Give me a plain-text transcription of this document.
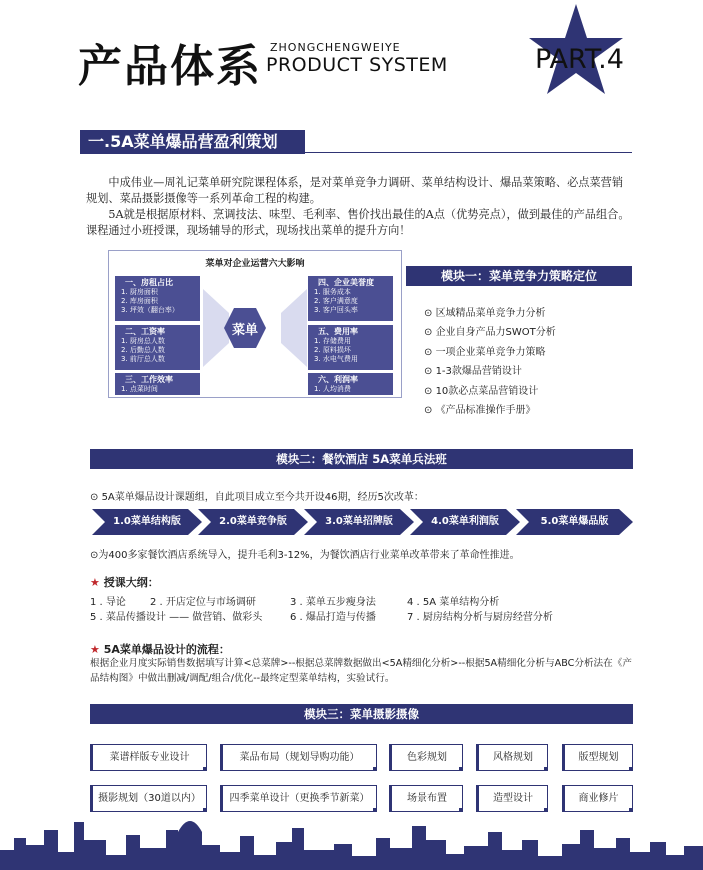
产品体系 ZHONGCHENGWEIYE
PRODUCT SYSTEM	PART.4
一.5A菜单爆品营盈利策划

中成伟业—周礼记菜单研究院课程体系，是对菜单竞争力调研、菜单结构设计、爆品菜策略、必点菜营销规划、菜品摄影摄像等一系列革命工程的构建。

5A就是根据原材料、烹调技法、味型、毛利率、售价找出最佳的A点（优势亮点），做到最佳的产品组合。课程通过小班授课，现场辅导的形式，现场找出菜单的提升方向！

菜单对企业运营六大影响
一、房租占比
1. 厨房面积
2. 库房面积
3. 坪效（翻台率）
二、工资率
1. 厨房总人数
2. 后勤总人数
3. 前厅总人数
三、工作效率
1. 点菜时间
四、企业美誉度
1. 服务成本
2. 客户满意度
3. 客户回头率
五、费用率
1. 存储费用
2. 原料损坏
3. 水电气费用
六、利润率
1. 人均消费
菜单
模块一：菜单竞争力策略定位
⊙ 区域精品菜单竞争力分析
⊙ 企业自身产品力SWOT分析
⊙ 一项企业菜单竞争力策略
⊙ 1-3款爆品营销设计
⊙ 10款必点菜品营销设计
⊙ 《产品标准操作手册》
模块二：餐饮酒店 5A菜单兵法班
⊙ 5A菜单爆品设计课题组，自此项目成立至今共开设46期，经历5次改革：
1.0菜单结构版	2.0菜单竞争版	3.0菜单招牌版	4.0菜单利润版	5.0菜单爆品版
⊙为400多家餐饮酒店系统导入，提升毛利3-12%，为餐饮酒店行业菜单改革带来了革命性推进。
★ 授课大纲：
1 . 导论 2 . 开店定位与市场调研	3 . 菜单五步瘦身法	4 . 5A 菜单结构分析
5 . 菜品传播设计 —— 做营销、做彩头	6 . 爆品打造与传播	7 . 厨房结构分析与厨房经营分析
★ 5A菜单爆品设计的流程：
根据企业月度实际销售数据填写计算<总菜牌>--根据总菜牌数据做出<5A精细化分析>--根据5A精细化分析与ABC分析法在《产品结构图》中做出删减/调配/组合/优化--最终定型菜单结构，实验试行。
模块三：菜单摄影摄像
菜谱样版专业设计	菜品布局（规划导购功能）	色彩规划	风格规划	版型规划
摄影规划（30道以内）	四季菜单设计（更换季节新菜）	场景布置	造型设计	商业修片
